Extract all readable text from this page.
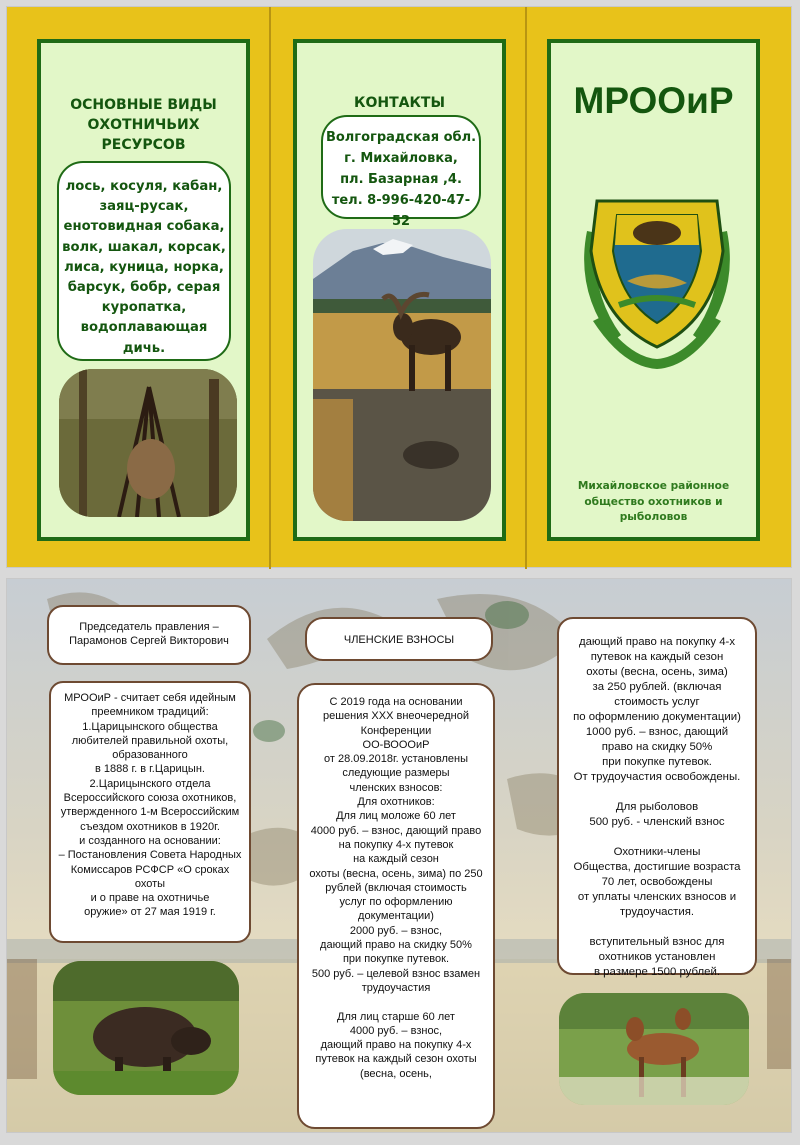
ОСНОВНЫЕ ВИДЫ
ОХОТНИЧЬИХ
РЕСУРСОВ
лось, косуля, кабан,
заяц-русак,
енотовидная собака,
волк, шакал, корсак,
лиса, куница, норка,
барсук, бобр, серая
куропатка,
водоплавающая
дичь.
КОНТАКТЫ
Волгоградская обл.
г. Михайловка,
пл. Базарная ,4.
тел. 8-996-420-47-52
МРООиР
Михайловское районное
общество охотников и
рыболовов

Председатель правления –
Парамонов Сергей Викторович

МРООиР - считает себя идейным
преемником традиций:
1.Царицынского общества
любителей правильной охоты,
образованного
в 1888 г. в г.Царицын.
2.Царицынского отдела
Всероссийского союза охотников,
утвержденного 1-м Всероссийским
съездом охотников в 1920г.
и созданного на основании:
– Постановления Совета Народных
Комиссаров РСФСР «О сроках
охоты
и о праве на охотничье
оружие» от 27 мая 1919 г.

ЧЛЕНСКИЕ ВЗНОСЫ

С 2019 года на основании
решения XXX внеочередной
Конференции
ОО-ВОООиР
от 28.09.2018г. установлены
следующие размеры
членских взносов:
Для охотников:
Для лиц моложе 60 лет
4000 руб. – взнос, дающий право
на покупку 4-х путевок
на каждый сезон
охоты (весна, осень, зима) по 250
рублей (включая стоимость
услуг по оформлению
документации)
2000 руб. – взнос,
дающий право на скидку 50%
при покупке путевок.
500 руб. – целевой взнос взамен
трудоучастия

Для лиц старше 60 лет
4000 руб. – взнос,
дающий право на покупку 4-х
путевок на каждый сезон охоты
(весна, осень,

дающий право на покупку 4-х
путевок на каждый сезон
охоты (весна, осень, зима)
за 250 рублей. (включая
стоимость услуг
по оформлению документации)
1000 руб. – взнос, дающий
право на скидку 50%
при покупке путевок.
От трудоучастия освобождены.

Для рыболовов
500 руб. - членский взнос

Охотники-члены
Общества, достигшие возраста
70 лет, освобождены
от уплаты членских взносов и
трудоучастия.

вступительный взнос для
охотников установлен
в размере 1500 рублей.
